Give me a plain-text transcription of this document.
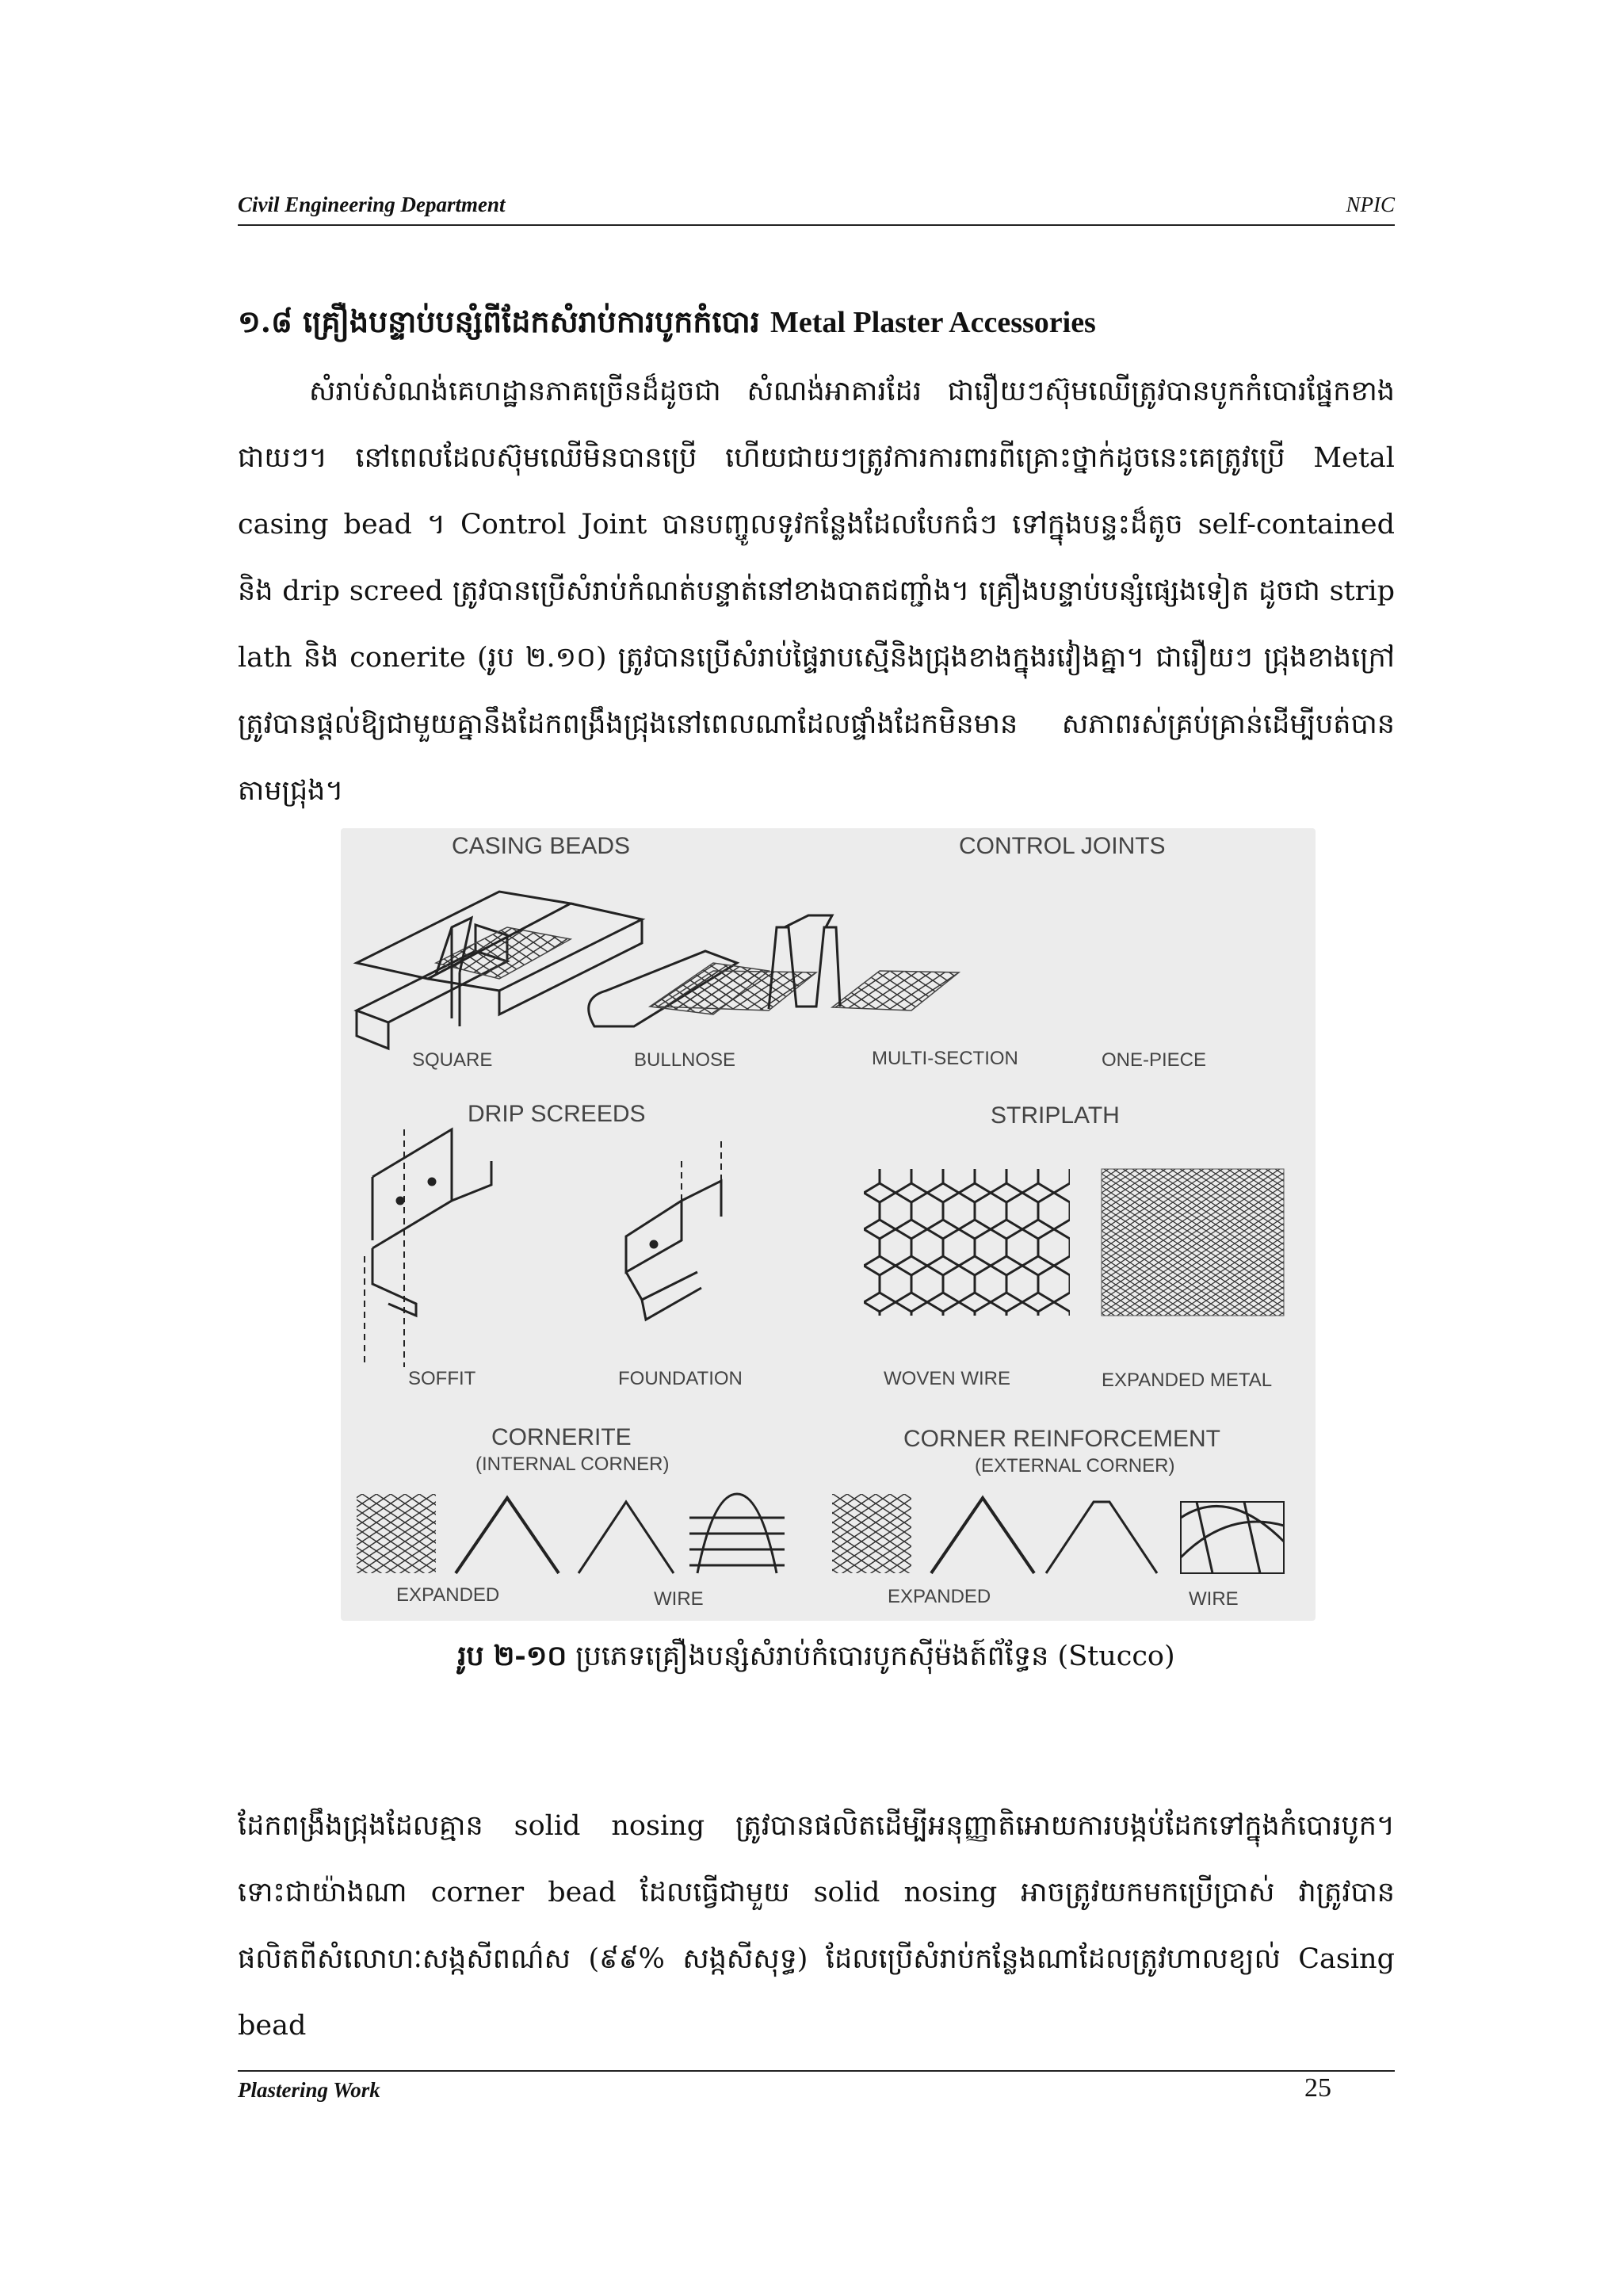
Civil Engineering Department	NPIC
១.៨ គ្រឿងបន្ទាប់បន្សំពីដែកសំរាប់ការបូកកំបោរ Metal Plaster Accessories

សំរាប់សំណង់គេហដ្ឋានភាគច្រើនដ៏ដូចជា សំណង់អាគារដែរ ជារឿយៗស៊ុមឈើត្រូវបានបូកកំបោរផ្នែកខាងជាយៗ។ នៅពេលដែលស៊ុមឈើមិនបានប្រើ ហើយជាយៗត្រូវការការពារពីគ្រោះថ្នាក់ដូចនេះគេត្រូវប្រើ Metal casing bead ។ Control Joint បានបញ្ចូលទូវកន្លែងដែលបែកធំៗ ទៅក្នុងបន្ទះដ៏តូច self-contained និង drip screed ត្រូវបានប្រើសំរាប់កំណត់បន្ទាត់នៅខាងបាតជញ្ជាំង។ គ្រឿងបន្ទាប់បន្សំផ្សេងទៀត ដូចជា strip lath និង conerite (រូប ២.១០) ត្រូវបានប្រើសំរាប់ផ្ទៃរាបស្មើនិងជ្រុងខាងក្នុងរវៀងគ្នា។ ជារឿយៗ ជ្រុងខាងក្រៅត្រូវបានផ្តល់ឱ្យជាមួយគ្នានឹងដែកពង្រឹងជ្រុងនៅពេលណាដែលផ្ទាំងដែកមិនមាន សភាពរស់គ្រប់គ្រាន់ដើម្បីបត់បានតាមជ្រុង។

CASING BEADS	CONTROL JOINTS
DRIP SCREEDS	STRIPLATH
CORNERITE
(INTERNAL CORNER)
CORNER REINFORCEMENT
(EXTERNAL CORNER)
SQUARE	BULLNOSE	MULTI-SECTION	ONE-PIECE
SOFFIT	FOUNDATION	WOVEN WIRE	EXPANDED METAL
EXPANDED	WIRE	EXPANDED	WIRE
រូប ២-១០ ប្រភេទគ្រឿងបន្សំសំរាប់កំបោរបូកស៊ីម៉ងត៍ព័ទ្ធែន (Stucco)

ដែកពង្រឹងជ្រុងដែលគ្មាន solid nosing ត្រូវបានផលិតដើម្បីអនុញ្ញាតិអោយការបង្កប់ដែកទៅក្នុងកំបោរបូក។ ទោះជាយ៉ាងណា corner bead ដែលធ្វើជាមួយ solid nosing អាចត្រូវយកមកប្រើប្រាស់ វាត្រូវបានផលិតពីសំលោហៈសង្កសីពណ៌ស (៩៩% សង្កសីសុទ្ធ) ដែលប្រើសំរាប់កន្លែងណាដែលត្រូវហាលខ្យល់ Casing bead

Plastering Work	25
